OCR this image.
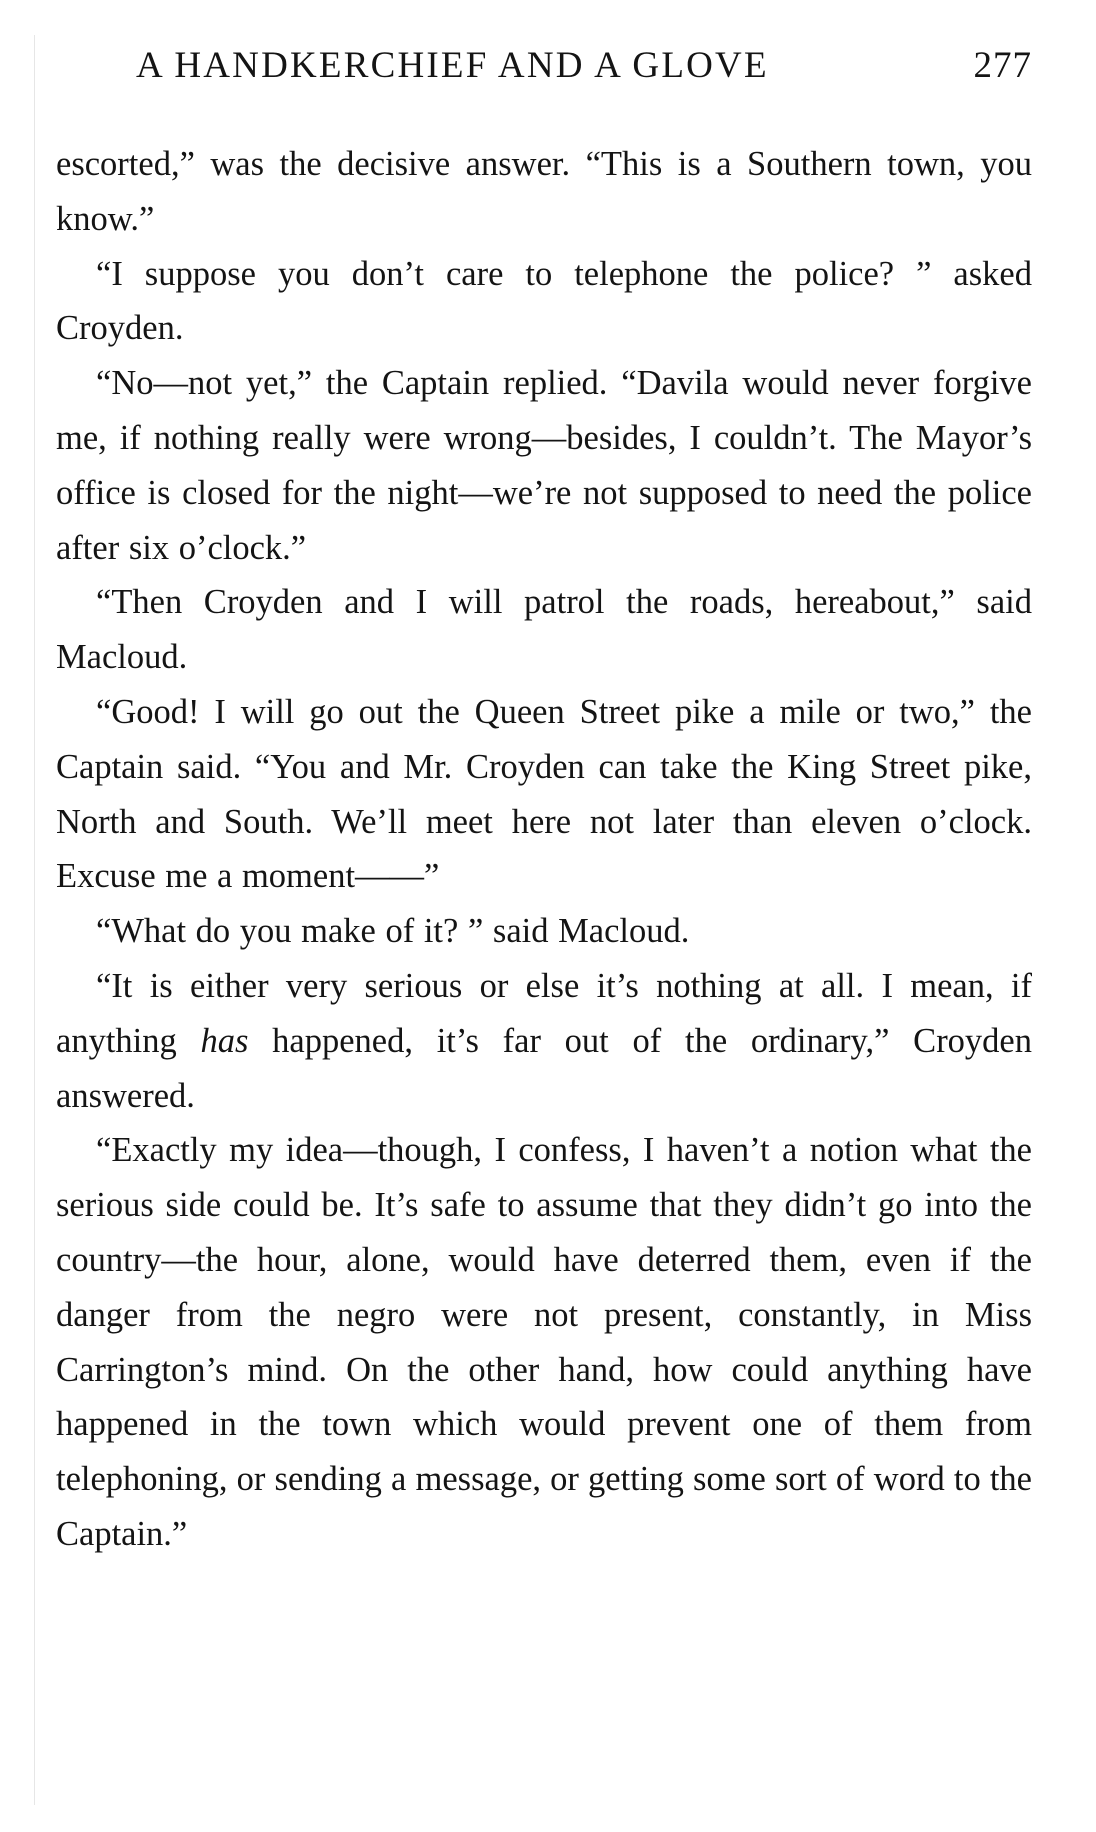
A HANDKERCHIEF AND A GLOVE	277

escorted,” was the decisive answer. “This is a Southern town, you know.”

“I suppose you don’t care to telephone the police? ” asked Croyden.

“No—not yet,” the Captain replied. “Davila would never forgive me, if nothing really were wrong—besides, I couldn’t. The Mayor’s office is closed for the night—we’re not supposed to need the police after six o’clock.”

“Then Croyden and I will patrol the roads, hereabout,” said Macloud.

“Good! I will go out the Queen Street pike a mile or two,” the Captain said. “You and Mr. Croyden can take the King Street pike, North and South. We’ll meet here not later than eleven o’clock. Excuse me a moment——”

“What do you make of it? ” said Macloud.

“It is either very serious or else it’s nothing at all. I mean, if anything has happened, it’s far out of the ordinary,” Croyden answered.

“Exactly my idea—though, I confess, I haven’t a notion what the serious side could be. It’s safe to assume that they didn’t go into the country—the hour, alone, would have deterred them, even if the danger from the negro were not present, constantly, in Miss Carrington’s mind. On the other hand, how could anything have happened in the town which would prevent one of them from telephoning, or sending a message, or getting some sort of word to the Captain.”
